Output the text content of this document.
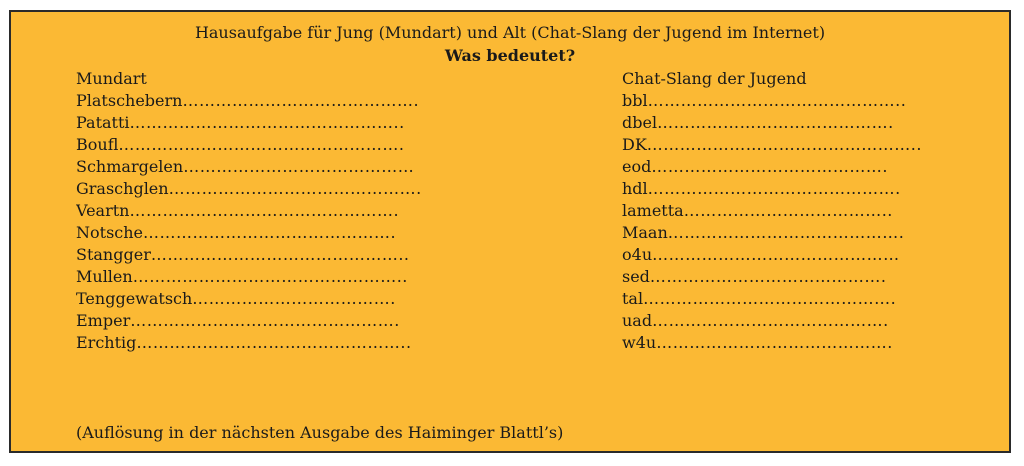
Hausaufgabe für Jung (Mundart) und Alt (Chat-Slang der Jugend im Internet)
Was bedeutet?
Mundart
Platschebern…………………………………….
Patatti…………………………………………..
Boufl…………………………………………….
Schmargelen……………………………………
Graschglen……………………………………….
Veartn………………………………………….
Notsche……………………………………….
Stangger………………………………………..
Mullen…………………………………………..
Tenggewatsch……………………………….
Emper………………………………………….
Erchtig…………………………………………..
Chat-Slang der Jugend
bbl………………………………………..
dbel…………………………………….
DK…………………………………………..
eod…………………………………….
hdl……………………………………….
lametta………………………………..
Maan…………………………………….
o4u………………………………………
sed…………………………………….
tal……………………………………….
uad…………………………………….
w4u…………………………………….
(Auflösung in der nächsten Ausgabe des Haiminger Blattl’s)
